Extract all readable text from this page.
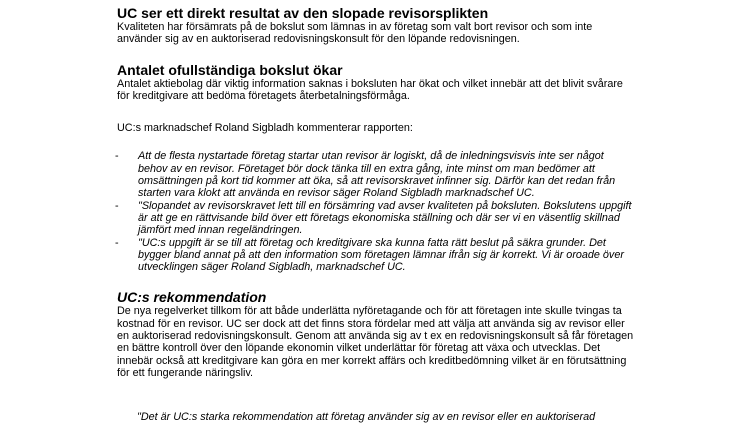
UC ser ett direkt resultat av den slopade revisorsplikten

Kvaliteten har försämrats på de bokslut som lämnas in av företag som valt bort revisor och som inte
använder sig av en auktoriserad redovisningskonsult för den löpande redovisningen.

Antalet ofullständiga bokslut ökar

Antalet aktiebolag där viktig information saknas i boksluten har ökat och vilket innebär att det blivit svårare
för kreditgivare att bedöma företagets återbetalningsförmåga.

UC:s marknadschef Roland Sigbladh kommenterar rapporten:

- Att de flesta nystartade företag startar utan revisor är logiskt, då de inledningsvisvis inte ser något
behov av en revisor. Företaget bör dock tänka till en extra gång, inte minst om man bedömer att
omsättningen på kort tid kommer att öka, så att revisorskravet infinner sig. Därför kan det redan från
starten vara klokt att använda en revisor säger Roland Sigbladh marknadschef UC.
- "Slopandet av revisorskravet lett till en försämring vad avser kvaliteten på boksluten. Bokslutens uppgift
är att ge en rättvisande bild över ett företags ekonomiska ställning och där ser vi en väsentlig skillnad
jämfört med innan regeländringen.
- "UC:s uppgift är se till att företag och kreditgivare ska kunna fatta rätt beslut på säkra grunder. Det
bygger bland annat på att den information som företagen lämnar ifrån sig är korrekt. Vi är oroade över
utvecklingen säger Roland Sigbladh, marknadschef UC.
UC:s rekommendation

De nya regelverket tillkom för att både underlätta nyföretagande och för att företagen inte skulle tvingas ta
kostnad för en revisor. UC ser dock att det finns stora fördelar med att välja att använda sig av revisor eller
en auktoriserad redovisningskonsult. Genom att använda sig av t ex en redovisningskonsult så får företagen
en bättre kontroll över den löpande ekonomin vilket underlättar för företag att växa och utvecklas. Det
innebär också att kreditgivare kan göra en mer korrekt affärs och kreditbedömning vilket är en förutsättning
för ett fungerande näringsliv.

"Det är UC:s starka rekommendation att företag använder sig av en revisor eller en auktoriserad
